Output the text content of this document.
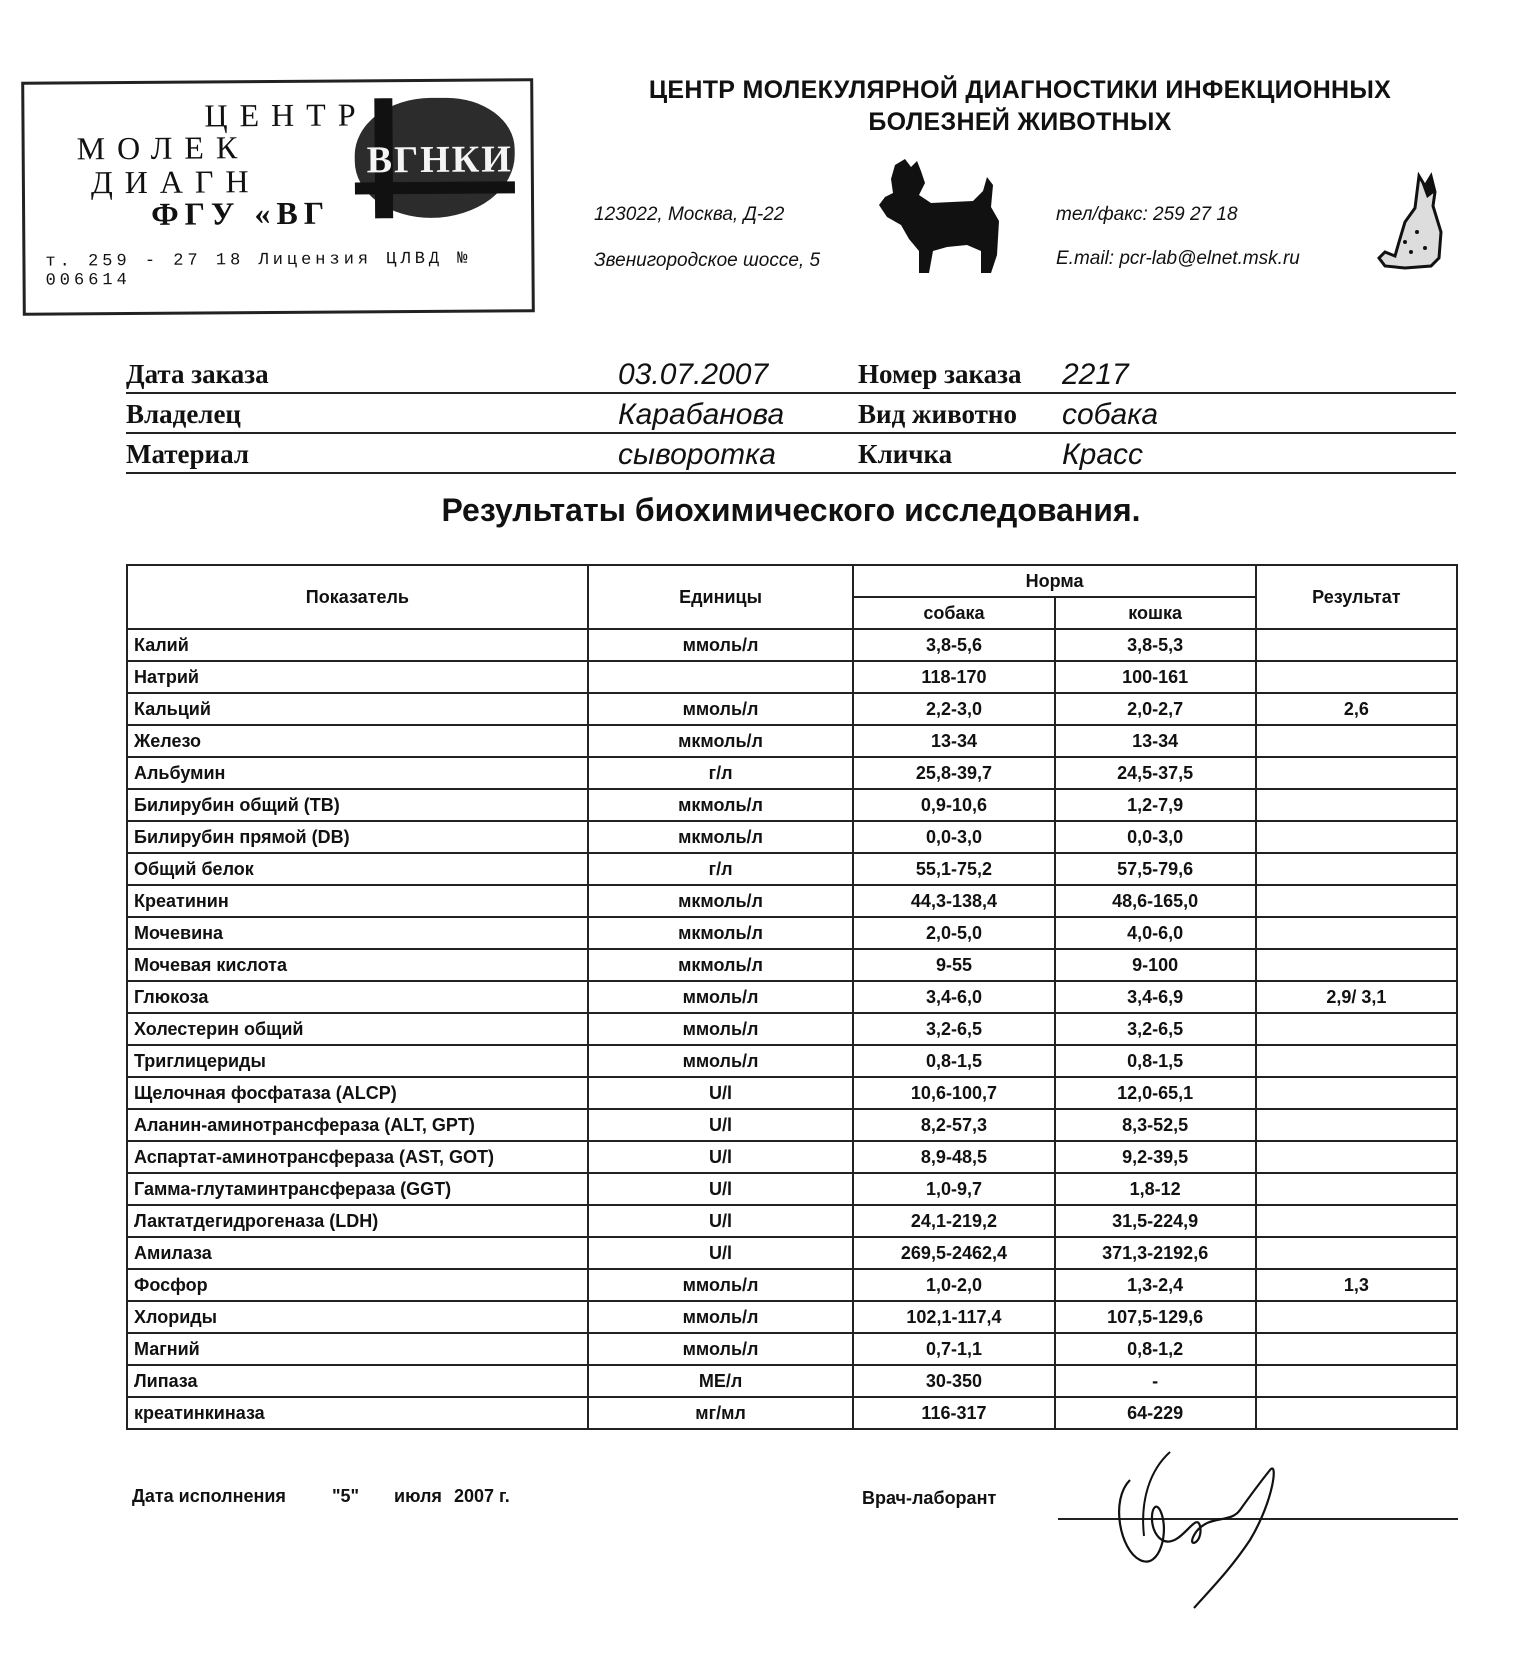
ЦЕНТР
МОЛЕК
ДИАГН
ФГУ «ВГ
ВГНКИ
т. 259 - 27 18 Лицензия ЦЛВД № 006614
ЦЕНТР МОЛЕКУЛЯРНОЙ ДИАГНОСТИКИ ИНФЕКЦИОННЫХ
БОЛЕЗНЕЙ ЖИВОТНЫХ
123022, Москва, Д-22
Звенигородское шоссе, 5
тел/факс: 259 27 18
E.mail: pcr-lab@elnet.msk.ru
Дата заказа	03.07.2007	Номер заказа 2217
Владелец	Карабанова	Вид животно собака
Материал	сыворотка	Кличка	Красс
Результаты биохимического исследования.
Показатель	Единицы	Норма		Результат
		собака	кошка	
Калий	ммоль/л	3,8-5,6	3,8-5,3	
Натрий		118-170	100-161	
Кальций	ммоль/л	2,2-3,0	2,0-2,7	2,6
Железо	мкмоль/л	13-34	13-34	
Альбумин	г/л	25,8-39,7	24,5-37,5	
Билирубин общий (TB)	мкмоль/л	0,9-10,6	1,2-7,9	
Билирубин прямой (DB)	мкмоль/л	0,0-3,0	0,0-3,0	
Общий белок	г/л	55,1-75,2	57,5-79,6	
Креатинин	мкмоль/л	44,3-138,4	48,6-165,0	
Мочевина	мкмоль/л	2,0-5,0	4,0-6,0	
Мочевая кислота	мкмоль/л	9-55	9-100	
Глюкоза	ммоль/л	3,4-6,0	3,4-6,9	2,9/ 3,1
Холестерин общий	ммоль/л	3,2-6,5	3,2-6,5	
Триглицериды	ммоль/л	0,8-1,5	0,8-1,5	
Щелочная фосфатаза (ALCP)	U/l	10,6-100,7	12,0-65,1	
Аланин-аминотрансфераза (ALT, GPT)	U/l	8,2-57,3	8,3-52,5	
Аспартат-аминотрансфераза (AST, GOT)	U/l	8,9-48,5	9,2-39,5	
Гамма-глутаминтрансфераза (GGT)	U/l	1,0-9,7	1,8-12	
Лактатдегидрогеназа (LDH)	U/l	24,1-219,2	31,5-224,9	
Амилаза	U/l	269,5-2462,4	371,3-2192,6	
Фосфор	ммоль/л	1,0-2,0	1,3-2,4	1,3
Хлориды	ммоль/л	102,1-117,4	107,5-129,6	
Магний	ммоль/л	0,7-1,1	0,8-1,2	
Липаза	МЕ/л	30-350	-	
креатинкиназа	мг/мл	116-317	64-229	
Дата исполнения	"5" июля 2007 г.	Врач-лаборант
